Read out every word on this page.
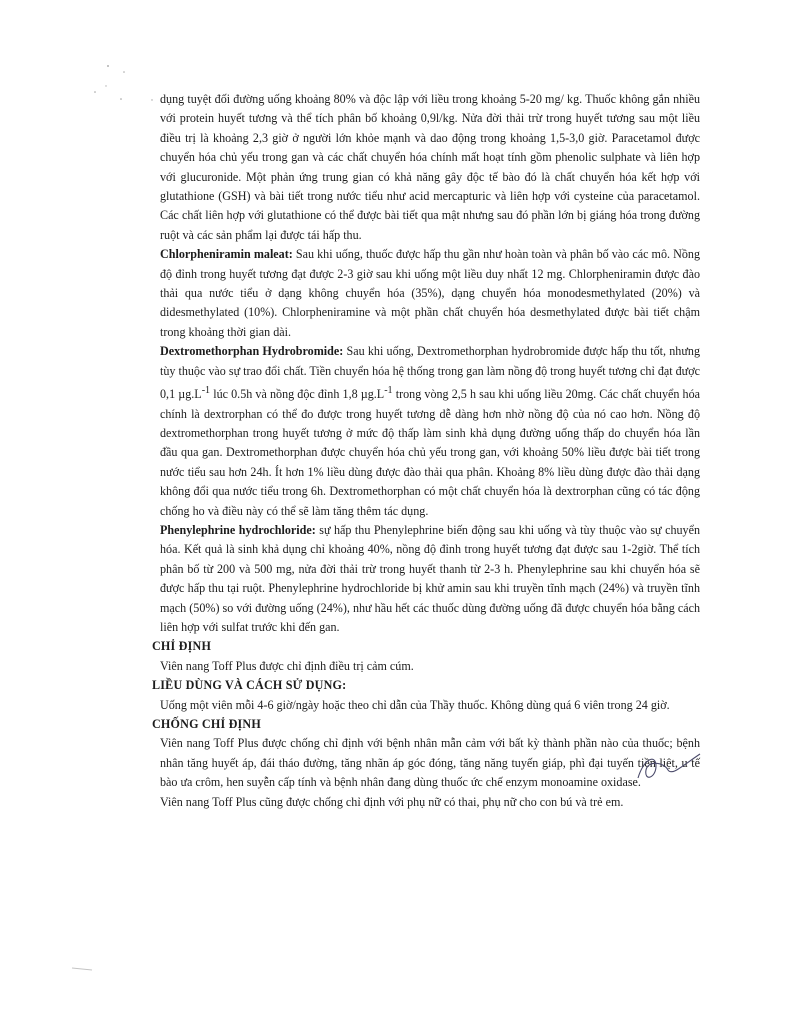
dụng tuyệt đối đường uống khoảng 80% và độc lập với liều trong khoảng 5-20 mg/ kg. Thuốc không gắn nhiều với protein huyết tương và thể tích phân bố khoảng 0,9l/kg. Nửa đời thải trừ trong huyết tương sau một liều điều trị là khoảng 2,3 giờ ở người lớn khỏe mạnh và dao động trong khoảng 1,5-3,0 giờ. Paracetamol được chuyển hóa chủ yếu trong gan và các chất chuyển hóa chính mất hoạt tính gồm phenolic sulphate và liên hợp với glucuronide. Một phản ứng trung gian có khả năng gây độc tế bào đó là chất chuyển hóa kết hợp với glutathione (GSH) và bài tiết trong nước tiểu như acid mercapturic và liên hợp với cysteine của paracetamol. Các chất liên hợp với glutathione có thể được bài tiết qua mật nhưng sau đó phần lớn bị giáng hóa trong đường ruột và các sản phẩm lại được tái hấp thu.

Chlorpheniramin maleat: Sau khi uống, thuốc được hấp thu gần như hoàn toàn và phân bố vào các mô. Nồng độ đỉnh trong huyết tương đạt được 2-3 giờ sau khi uống một liều duy nhất 12 mg. Chlorpheniramin được đào thải qua nước tiểu ở dạng không chuyển hóa (35%), dạng chuyển hóa monodesmethylated (20%) và didesmethylated (10%). Chlorpheniramine và một phần chất chuyển hóa desmethylated được bài tiết chậm trong khoảng thời gian dài.

Dextromethorphan Hydrobromide: Sau khi uống, Dextromethorphan hydrobromide được hấp thu tốt, nhưng tùy thuộc vào sự trao đổi chất. Tiền chuyển hóa hệ thống trong gan làm nồng độ trong huyết tương chỉ đạt được 0,1 $\mu g.L^{-1}$ lúc 0.5h và nồng độc đỉnh 1,8 $\mu g.L^{-1}$ trong vòng 2,5 h sau khi uống liều 20mg. Các chất chuyển hóa chính là dextrorphan có thể đo được trong huyết tương dễ dàng hơn nhờ nồng độ của nó cao hơn. Nồng độ dextromethorphan trong huyết tương ở mức độ thấp làm sinh khả dụng đường uống thấp do chuyển hóa lần đầu qua gan. Dextromethorphan được chuyển hóa chủ yếu trong gan, với khoảng 50% liều được bài tiết trong nước tiểu sau hơn 24h. Ít hơn 1% liều dùng được đào thải qua phân. Khoảng 8% liều dùng được đào thải dạng không đổi qua nước tiểu trong 6h. Dextromethorphan có một chất chuyển hóa là dextrorphan cũng có tác động chống ho và điều này có thể sẽ làm tăng thêm tác dụng.

Phenylephrine hydrochloride: sự hấp thu Phenylephrine biến động sau khi uống và tùy thuộc vào sự chuyển hóa. Kết quả là sinh khả dụng chỉ khoảng 40%, nồng độ đỉnh trong huyết tương đạt được sau 1-2giờ. Thể tích phân bố từ 200 và 500 mg, nửa đời thải trừ trong huyết thanh từ 2-3 h. Phenylephrine sau khi chuyển hóa sẽ được hấp thu tại ruột. Phenylephrine hydrochloride bị khử amin sau khi truyền tĩnh mạch (24%) và truyền tĩnh mạch (50%) so với đường uống (24%), như hầu hết các thuốc dùng đường uống đã được chuyển hóa bằng cách liên hợp với sulfat trước khi đến gan.

CHỈ ĐỊNH

Viên nang Toff Plus được chỉ định điều trị cảm cúm.

LIỀU DÙNG VÀ CÁCH SỬ DỤNG:

Uống một viên mỗi 4-6 giờ/ngày hoặc theo chỉ dẫn của Thầy thuốc. Không dùng quá 6 viên trong 24 giờ.

CHỐNG CHỈ ĐỊNH

Viên nang Toff Plus được chống chỉ định với bệnh nhân mẫn cảm với bất kỳ thành phần nào của thuốc; bệnh nhân tăng huyết áp, đái tháo đường, tăng nhãn áp góc đóng, tăng năng tuyến giáp, phì đại tuyến tiền liệt, u tế bào ưa crôm, hen suyễn cấp tính và bệnh nhân đang dùng thuốc ức chế enzym monoamine oxidase.

Viên nang Toff Plus cũng được chống chỉ định với phụ nữ có thai, phụ nữ cho con bú và trẻ em.
